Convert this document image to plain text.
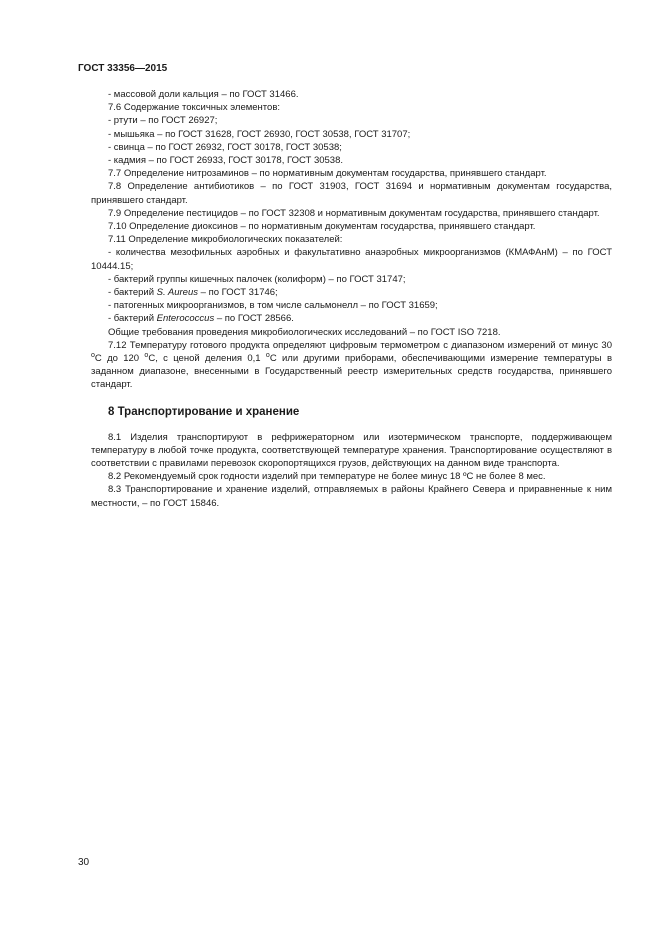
ГОСТ 33356—2015

- массовой доли кальция – по ГОСТ 31466.

7.6 Содержание токсичных элементов:

- ртути – по ГОСТ 26927;

- мышьяка – по ГОСТ 31628, ГОСТ 26930, ГОСТ 30538, ГОСТ 31707;

- свинца – по ГОСТ 26932, ГОСТ 30178, ГОСТ 30538;

- кадмия – по ГОСТ 26933, ГОСТ 30178, ГОСТ 30538.

7.7 Определение нитрозаминов – по нормативным документам государства, принявшего стандарт.

7.8 Определение антибиотиков – по ГОСТ 31903, ГОСТ 31694 и нормативным документам государства, принявшего стандарт.

7.9 Определение пестицидов – по ГОСТ 32308 и нормативным документам государства, принявшего стандарт.

7.10 Определение диоксинов – по нормативным документам государства, принявшего стандарт.

7.11 Определение микробиологических показателей:

- количества мезофильных аэробных и факультативно анаэробных микроорганизмов (КМАФАнМ) – по ГОСТ 10444.15;

- бактерий группы кишечных палочек (колиформ) – по ГОСТ 31747;

- бактерий S. Aureus – по ГОСТ 31746;

- патогенных микроорганизмов, в том числе сальмонелл – по ГОСТ 31659;

- бактерий Enterococcus – по ГОСТ 28566.

Общие требования проведения микробиологических исследований – по ГОСТ ISO 7218.

7.12 Температуру готового продукта определяют цифровым термометром с диапазоном измерений от минус 30 $^о$С до 120 $^о$С, с ценой деления 0,1 $^о$С или другими приборами, обеспечивающими измерение температуры в заданном диапазоне, внесенными в Государственный реестр измерительных средств государства, принявшего стандарт.

8 Транспортирование и хранение

8.1 Изделия транспортируют в рефрижераторном или изотермическом транспорте, поддерживающем температуру в любой точке продукта, соответствующей температуре хранения. Транспортирование осуществляют в соответствии с правилами перевозок скоропортящихся грузов, действующих на данном виде транспорта.

8.2 Рекомендуемый срок годности изделий при температуре не более минус 18 ºС не более 8 мес.

8.3 Транспортирование и хранение изделий, отправляемых в районы Крайнего Севера и приравненные к ним местности, – по ГОСТ 15846.

30
